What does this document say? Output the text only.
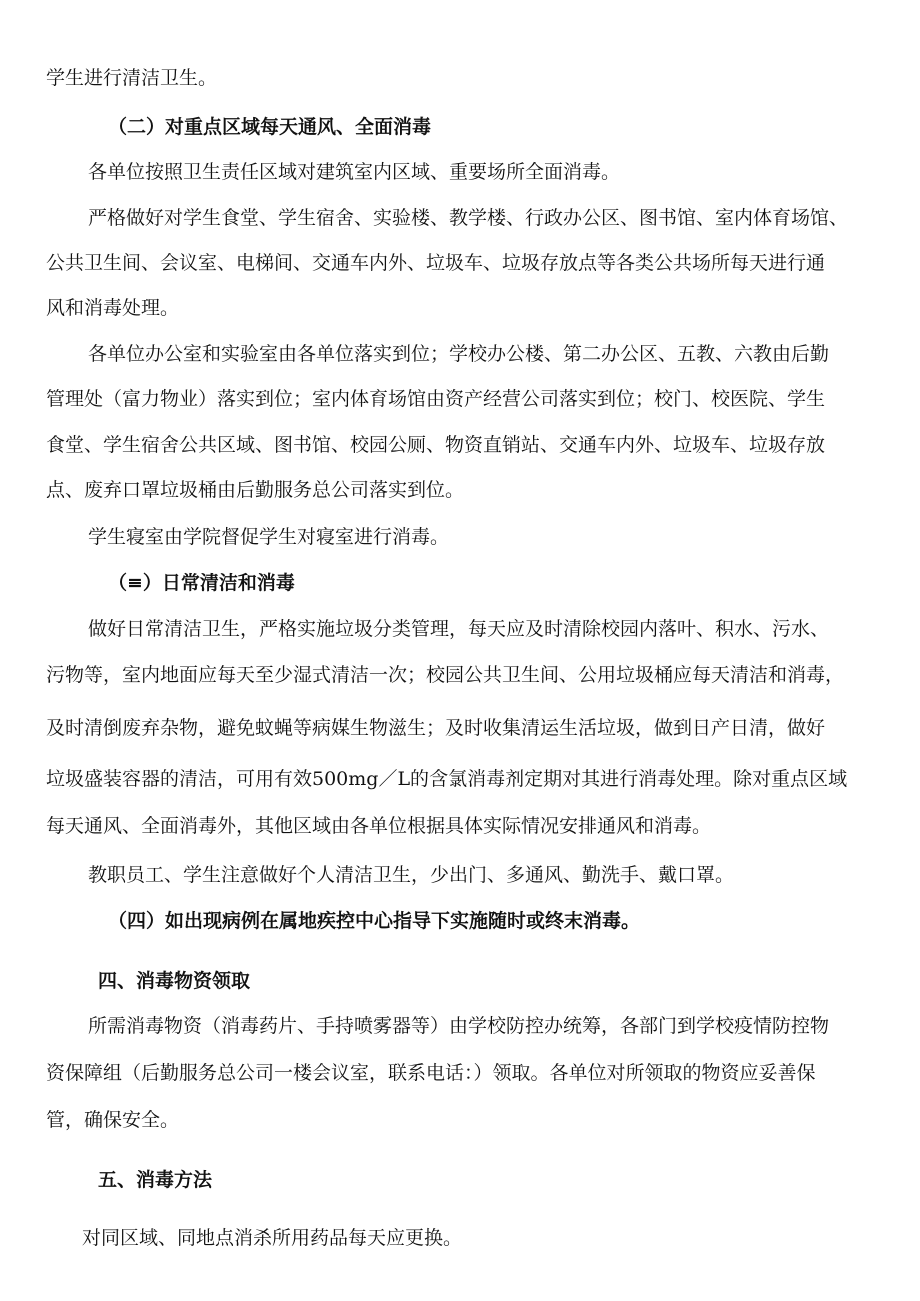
学生进行清洁卫生。

（二）对重点区域每天通风、全面消毒

各单位按照卫生责任区域对建筑室内区域、重要场所全面消毒。

严格做好对学生食堂、学生宿舍、实验楼、教学楼、行政办公区、图书馆、室内体育场馆、

公共卫生间、会议室、电梯间、交通车内外、垃圾车、垃圾存放点等各类公共场所每天进行通

风和消毒处理。

各单位办公室和实验室由各单位落实到位；学校办公楼、第二办公区、五教、六教由后勤

管理处（富力物业）落实到位；室内体育场馆由资产经营公司落实到位；校门、校医院、学生

食堂、学生宿舍公共区域、图书馆、校园公厕、物资直销站、交通车内外、垃圾车、垃圾存放

点、废弃口罩垃圾桶由后勤服务总公司落实到位。

学生寝室由学院督促学生对寝室进行消毒。

（≡）日常清洁和消毒

做好日常清洁卫生，严格实施垃圾分类管理，每天应及时清除校园内落叶、积水、污水、

污物等，室内地面应每天至少湿式清洁一次；校园公共卫生间、公用垃圾桶应每天清洁和消毒，

及时清倒废弃杂物，避免蚊蝇等病媒生物滋生；及时收集清运生活垃圾，做到日产日清，做好

垃圾盛装容器的清洁，可用有效500mg／L的含氯消毒剂定期对其进行消毒处理。除对重点区域

每天通风、全面消毒外，其他区域由各单位根据具体实际情况安排通风和消毒。

教职员工、学生注意做好个人清洁卫生，少出门、多通风、勤洗手、戴口罩。

（四）如出现病例在属地疾控中心指导下实施随时或终末消毒。

四、消毒物资领取

所需消毒物资（消毒药片、手持喷雾器等）由学校防控办统筹，各部门到学校疫情防控物

资保障组（后勤服务总公司一楼会议室，联系电话：）领取。各单位对所领取的物资应妥善保

管，确保安全。

五、消毒方法

对同区域、同地点消杀所用药品每天应更换。
